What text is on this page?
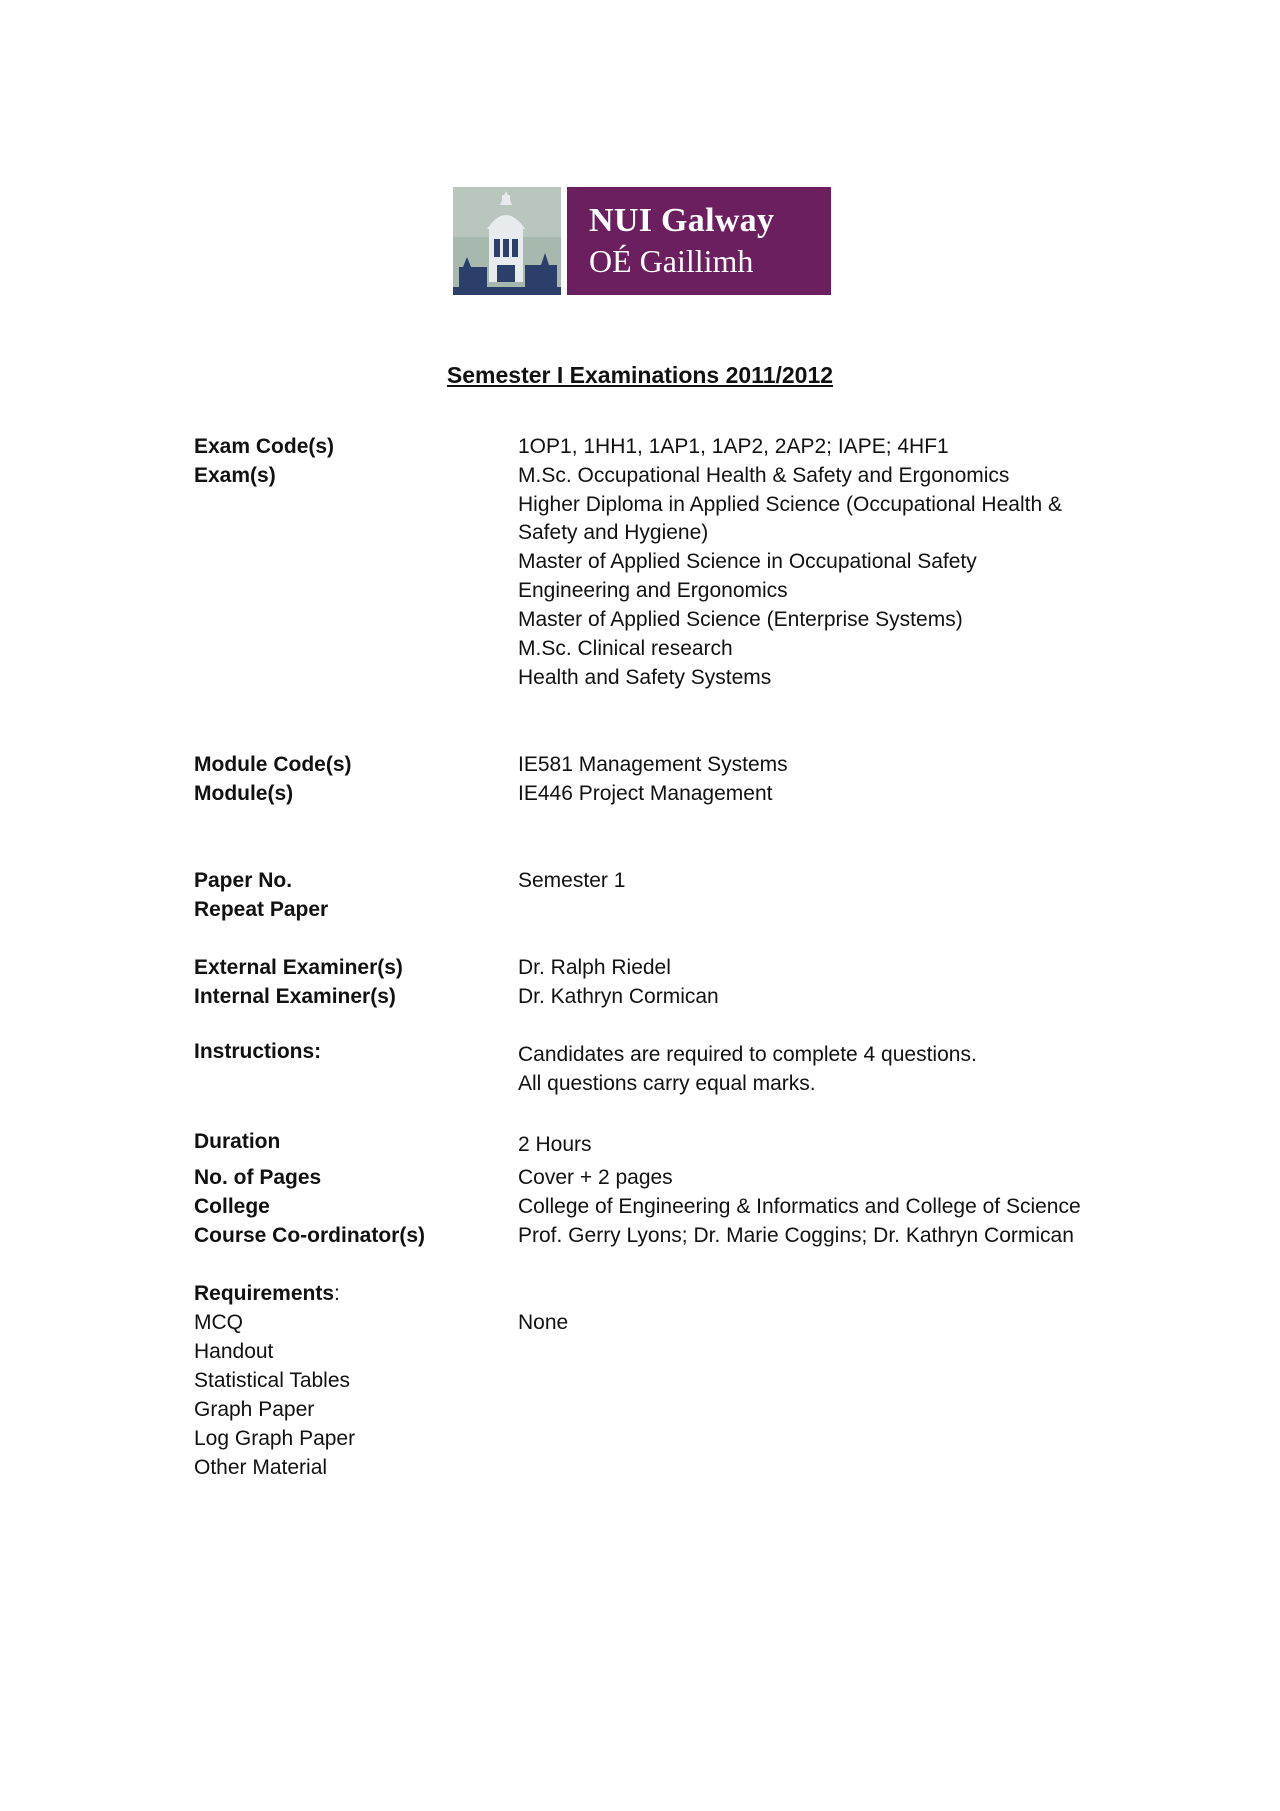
NUI Galway
OÉ Gaillimh
Semester I Examinations 2011/2012
Exam Code(s)	1OP1, 1HH1, 1AP1, 1AP2, 2AP2; IAPE; 4HF1
Exam(s)	M.Sc. Occupational Health & Safety and Ergonomics
Higher Diploma in Applied Science (Occupational Health &
Safety and Hygiene)
Master of Applied Science in Occupational Safety
Engineering and Ergonomics
Master of Applied Science (Enterprise Systems)
M.Sc. Clinical research
Health and Safety Systems
Module Code(s)	IE581 Management Systems
Module(s)	IE446 Project Management
Paper No.	Semester 1
Repeat Paper
External Examiner(s)	Dr. Ralph Riedel
Internal Examiner(s)	Dr. Kathryn Cormican
Instructions:	Candidates are required to complete 4 questions.
All questions carry equal marks.
Duration	2 Hours
No. of Pages	Cover + 2 pages
College	College of Engineering & Informatics and College of Science
Course Co-ordinator(s)	Prof. Gerry Lyons; Dr. Marie Coggins; Dr. Kathryn Cormican
Requirements:
MCQ	None
Handout
Statistical Tables
Graph Paper
Log Graph Paper
Other Material
